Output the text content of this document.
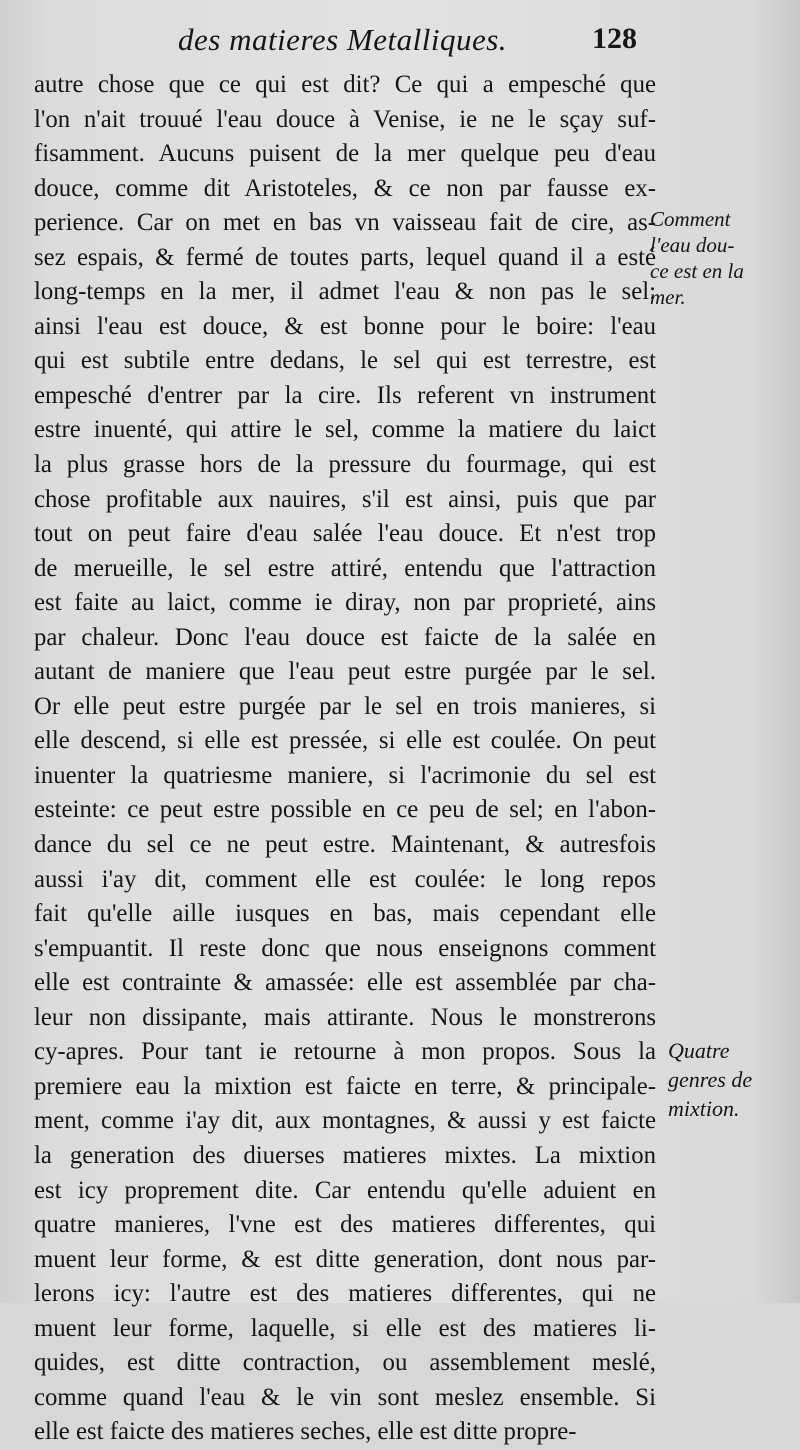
des matieres Metalliques.	128
autre chose que ce qui est dit? Ce qui a empesché que
l'on n'ait trouué l'eau douce à Venise, ie ne le sçay suf-
fisamment. Aucuns puisent de la mer quelque peu d'eau
douce, comme dit Aristoteles, & ce non par fausse ex-
perience. Car on met en bas vn vaisseau fait de cire, as-
sez espais, & fermé de toutes parts, lequel quand il a esté
long-temps en la mer, il admet l'eau & non pas le sel:
ainsi l'eau est douce, & est bonne pour le boire: l'eau
qui est subtile entre dedans, le sel qui est terrestre, est
empesché d'entrer par la cire. Ils referent vn instrument
estre inuenté, qui attire le sel, comme la matiere du laict
la plus grasse hors de la pressure du fourmage, qui est
chose profitable aux nauires, s'il est ainsi, puis que par
tout on peut faire d'eau salée l'eau douce. Et n'est trop
de merueille, le sel estre attiré, entendu que l'attraction
est faite au laict, comme ie diray, non par proprieté, ains
par chaleur. Donc l'eau douce est faicte de la salée en
autant de maniere que l'eau peut estre purgée par le sel.
Or elle peut estre purgée par le sel en trois manieres, si
elle descend, si elle est pressée, si elle est coulée. On peut
inuenter la quatriesme maniere, si l'acrimonie du sel est
esteinte: ce peut estre possible en ce peu de sel; en l'abon-
dance du sel ce ne peut estre. Maintenant, & autresfois
aussi i'ay dit, comment elle est coulée: le long repos
fait qu'elle aille iusques en bas, mais cependant elle
s'empuantit. Il reste donc que nous enseignons comment
elle est contrainte & amassée: elle est assemblée par cha-
leur non dissipante, mais attirante. Nous le monstrerons
cy-apres. Pour tant ie retourne à mon propos. Sous la
premiere eau la mixtion est faicte en terre, & principale-
ment, comme i'ay dit, aux montagnes, & aussi y est faicte
la generation des diuerses matieres mixtes. La mixtion
est icy proprement dite. Car entendu qu'elle aduient en
quatre manieres, l'vne est des matieres differentes, qui
muent leur forme, & est ditte generation, dont nous par-
lerons icy: l'autre est des matieres differentes, qui ne
muent leur forme, laquelle, si elle est des matieres li-
quides, est ditte contraction, ou assemblement meslé,
comme quand l'eau & le vin sont meslez ensemble. Si
elle est faicte des matieres seches, elle est ditte propre-
Comment
l'eau dou-
ce est en la
mer.
Quatre
genres de
mixtion.
